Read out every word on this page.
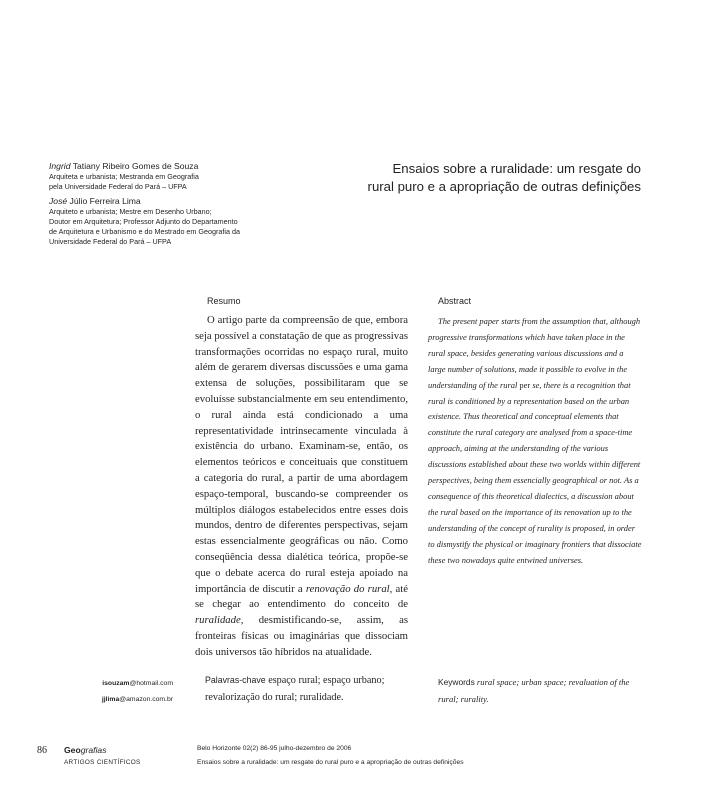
Ingrid Tatiany Ribeiro Gomes de Souza
Arquiteta e urbanista; Mestranda em Geografia
pela Universidade Federal do Pará – UFPA
José Júlio Ferreira Lima
Arquiteto e urbanista; Mestre em Desenho Urbano;
Doutor em Arquitetura; Professor Adjunto do Departamento
de Arquitetura e Urbanismo e do Mestrado em Geografia da
Universidade Federal do Pará – UFPA
Ensaios sobre a ruralidade: um resgate do
rural puro e a apropriação de outras definições
Resumo	Abstract

O artigo parte da compreensão de que, embora seja possível a constatação de que as progressivas transformações ocorridas no espaço rural, muito além de gerarem diversas discussões e uma gama extensa de soluções, possibilitaram que se evoluísse substancialmente em seu entendimento, o rural ainda está condicionado a uma representatividade intrinsecamente vinculada à existência do urbano. Examinam-se, então, os elementos teóricos e conceituais que constituem a categoria do rural, a partir de uma abordagem espaço-temporal, buscando-se compreender os múltiplos diálogos estabelecidos entre esses dois mundos, dentro de diferentes perspectivas, sejam estas essencialmente geográficas ou não. Como conseqüência dessa dialética teórica, propõe-se que o debate acerca do rural esteja apoiado na importância de discutir a renovação do rural, até se chegar ao entendimento do conceito de ruralidade, desmistificando-se, assim, as fronteiras físicas ou imaginárias que dissociam dois universos tão híbridos na atualidade.

The present paper starts from the assumption that, although progressive transformations which have taken place in the rural space, besides generating various discussions and a large number of solutions, made it possible to evolve in the understanding of the rural per se, there is a recognition that rural is conditioned by a representation based on the urban existence. Thus theoretical and conceptual elements that constitute the rural category are analysed from a space-time approach, aiming at the understanding of the various discussions established about these two worlds within different perspectives, being them essencially geographical or not. As a consequence of this theoretical dialectics, a discussion about the rural based on the importance of its renovation up to the understanding of the concept of rurality is proposed, in order to dismystify the physical or imaginary frontiers that dissociate these two nowadays quite entwined universes.

isouzam@hotmail.com
jjlima@amazon.com.br
Palavras-chave espaço rural; espaço urbano; revalorização do rural; ruralidade.
Keywords rural space; urban space; revaluation of the rural; rurality.
86 Geografias
ARTIGOS CIENTÍFICOS
Belo Horizonte 02(2) 86-95 julho-dezembro de 2006
Ensaios sobre a ruralidade: um resgate do rural puro e a apropriação de outras definições
